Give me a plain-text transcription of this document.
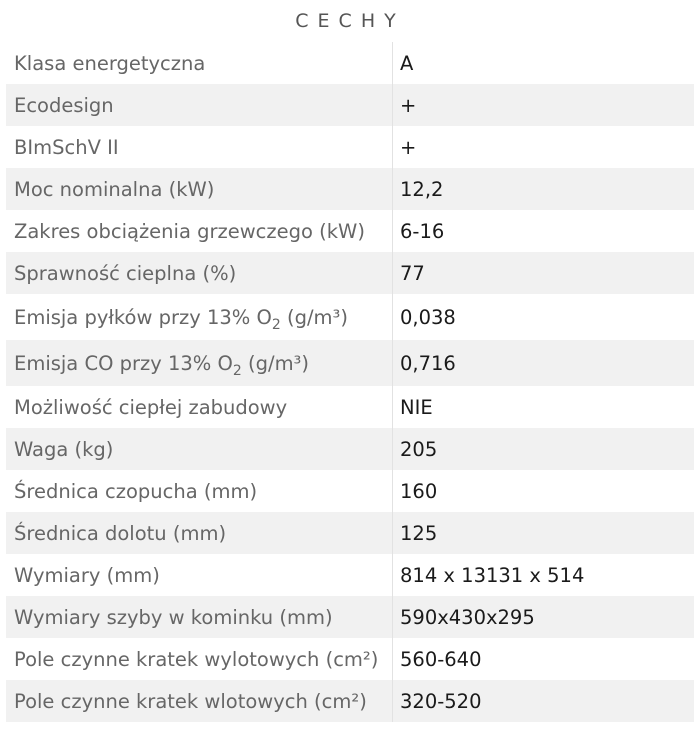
CECHY
Klasa energetyczna	A
Ecodesign	+
BImSchV II	+
Moc nominalna (kW)	12,2
Zakres obciążenia grzewczego (kW)	6-16
Sprawność cieplna (%)	77
Emisja pyłków przy 13% $O_2$ (g/m³)	0,038
Emisja CO przy 13% $O_2$ (g/m³)	0,716
Możliwość ciepłej zabudowy	NIE
Waga (kg)	205
Średnica czopucha (mm)	160
Średnica dolotu (mm)	125
Wymiary (mm)	814 x 13131 x 514
Wymiary szyby w kominku (mm)	590x430x295
Pole czynne kratek wylotowych (cm²)	560-640
Pole czynne kratek wlotowych (cm²)	320-520
